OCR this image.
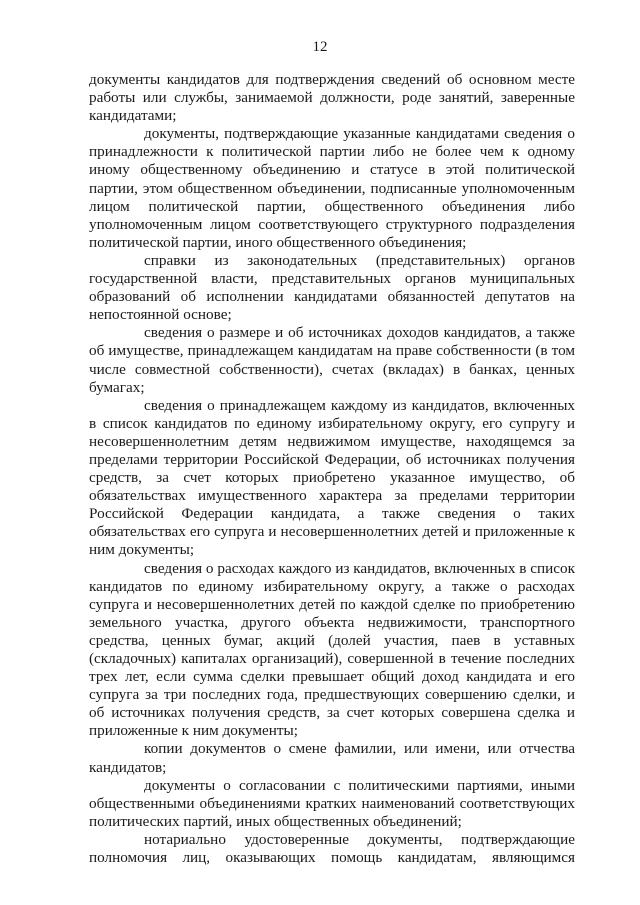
12

документы кандидатов для подтверждения сведений об основном месте работы или службы, занимаемой должности, роде занятий, заверенные кандидатами;

документы, подтверждающие указанные кандидатами сведения о принадлежности к политической партии либо не более чем к одному иному общественному объединению и статусе в этой политической партии, этом общественном объединении, подписанные уполномоченным лицом политической партии, общественного объединения либо уполномоченным лицом соответствующего структурного подразделения политической партии, иного общественного объединения;

справки из законодательных (представительных) органов государственной власти, представительных органов муниципальных образований об исполнении кандидатами обязанностей депутатов на непостоянной основе;

сведения о размере и об источниках доходов кандидатов, а также об имуществе, принадлежащем кандидатам на праве собственности (в том числе совместной собственности), счетах (вкладах) в банках, ценных бумагах;

сведения о принадлежащем каждому из кандидатов, включенных в список кандидатов по единому избирательному округу, его супругу и несовершеннолетним детям недвижимом имуществе, находящемся за пределами территории Российской Федерации, об источниках получения средств, за счет которых приобретено указанное имущество, об обязательствах имущественного характера за пределами территории Российской Федерации кандидата, а также сведения о таких обязательствах его супруга и несовершеннолетних детей и приложенные к ним документы;

сведения о расходах каждого из кандидатов, включенных в список кандидатов по единому избирательному округу, а также о расходах супруга и несовершеннолетних детей по каждой сделке по приобретению земельного участка, другого объекта недвижимости, транспортного средства, ценных бумаг, акций (долей участия, паев в уставных (складочных) капиталах организаций), совершенной в течение последних трех лет, если сумма сделки превышает общий доход кандидата и его супруга за три последних года, предшествующих совершению сделки, и об источниках получения средств, за счет которых совершена сделка и приложенные к ним документы;

копии документов о смене фамилии, или имени, или отчества кандидатов;

документы о согласовании с политическими партиями, иными общественными объединениями кратких наименований соответствующих политических партий, иных общественных объединений;

нотариально удостоверенные документы, подтверждающие полномочия лиц, оказывающих помощь кандидатам, являющимся
